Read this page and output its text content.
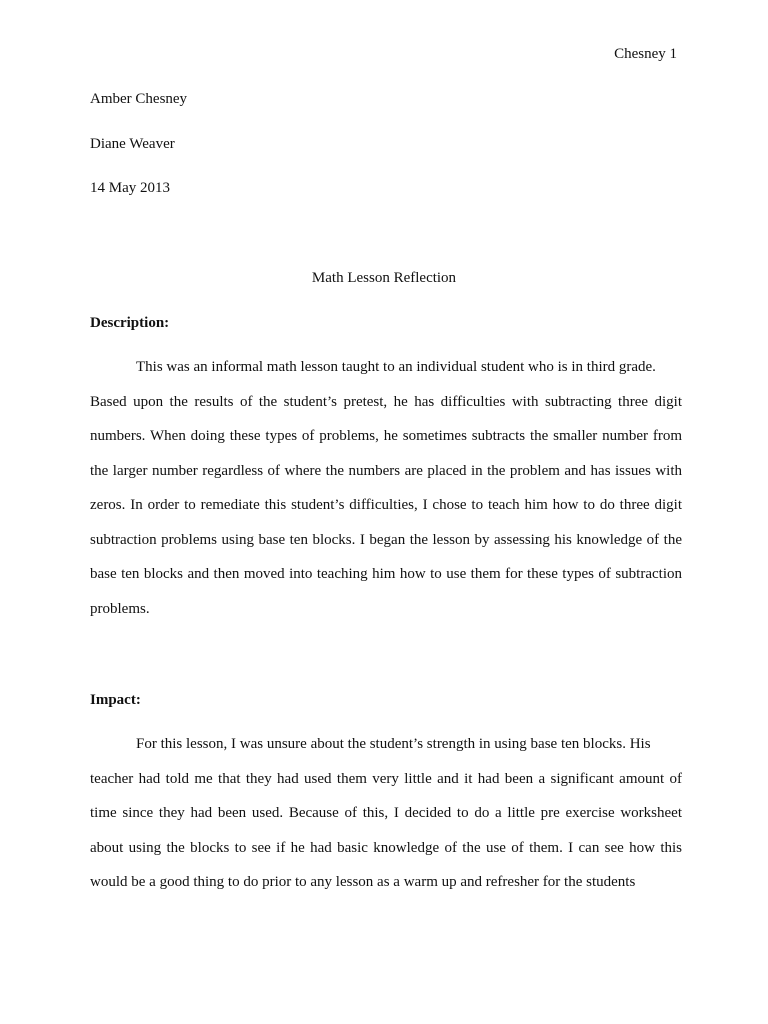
Chesney 1
Amber Chesney
Diane Weaver
14 May 2013
Math Lesson Reflection
Description:
This was an informal math lesson taught to an individual student who is in third grade.
Based upon the results of the student’s pretest, he has difficulties with subtracting three digit
numbers. When doing these types of problems, he sometimes subtracts the smaller number from
the larger number regardless of where the numbers are placed in the problem and has issues with
zeros. In order to remediate this student’s difficulties, I chose to teach him how to do three digit
subtraction problems using base ten blocks. I began the lesson by assessing his knowledge of the
base ten blocks and then moved into teaching him how to use them for these types of subtraction
problems.
Impact:
For this lesson, I was unsure about the student’s strength in using base ten blocks. His
teacher had told me that they had used them very little and it had been a significant amount of
time since they had been used. Because of this, I decided to do a little pre exercise worksheet
about using the blocks to see if he had basic knowledge of the use of them. I can see how this
would be a good thing to do prior to any lesson as a warm up and refresher for the students
